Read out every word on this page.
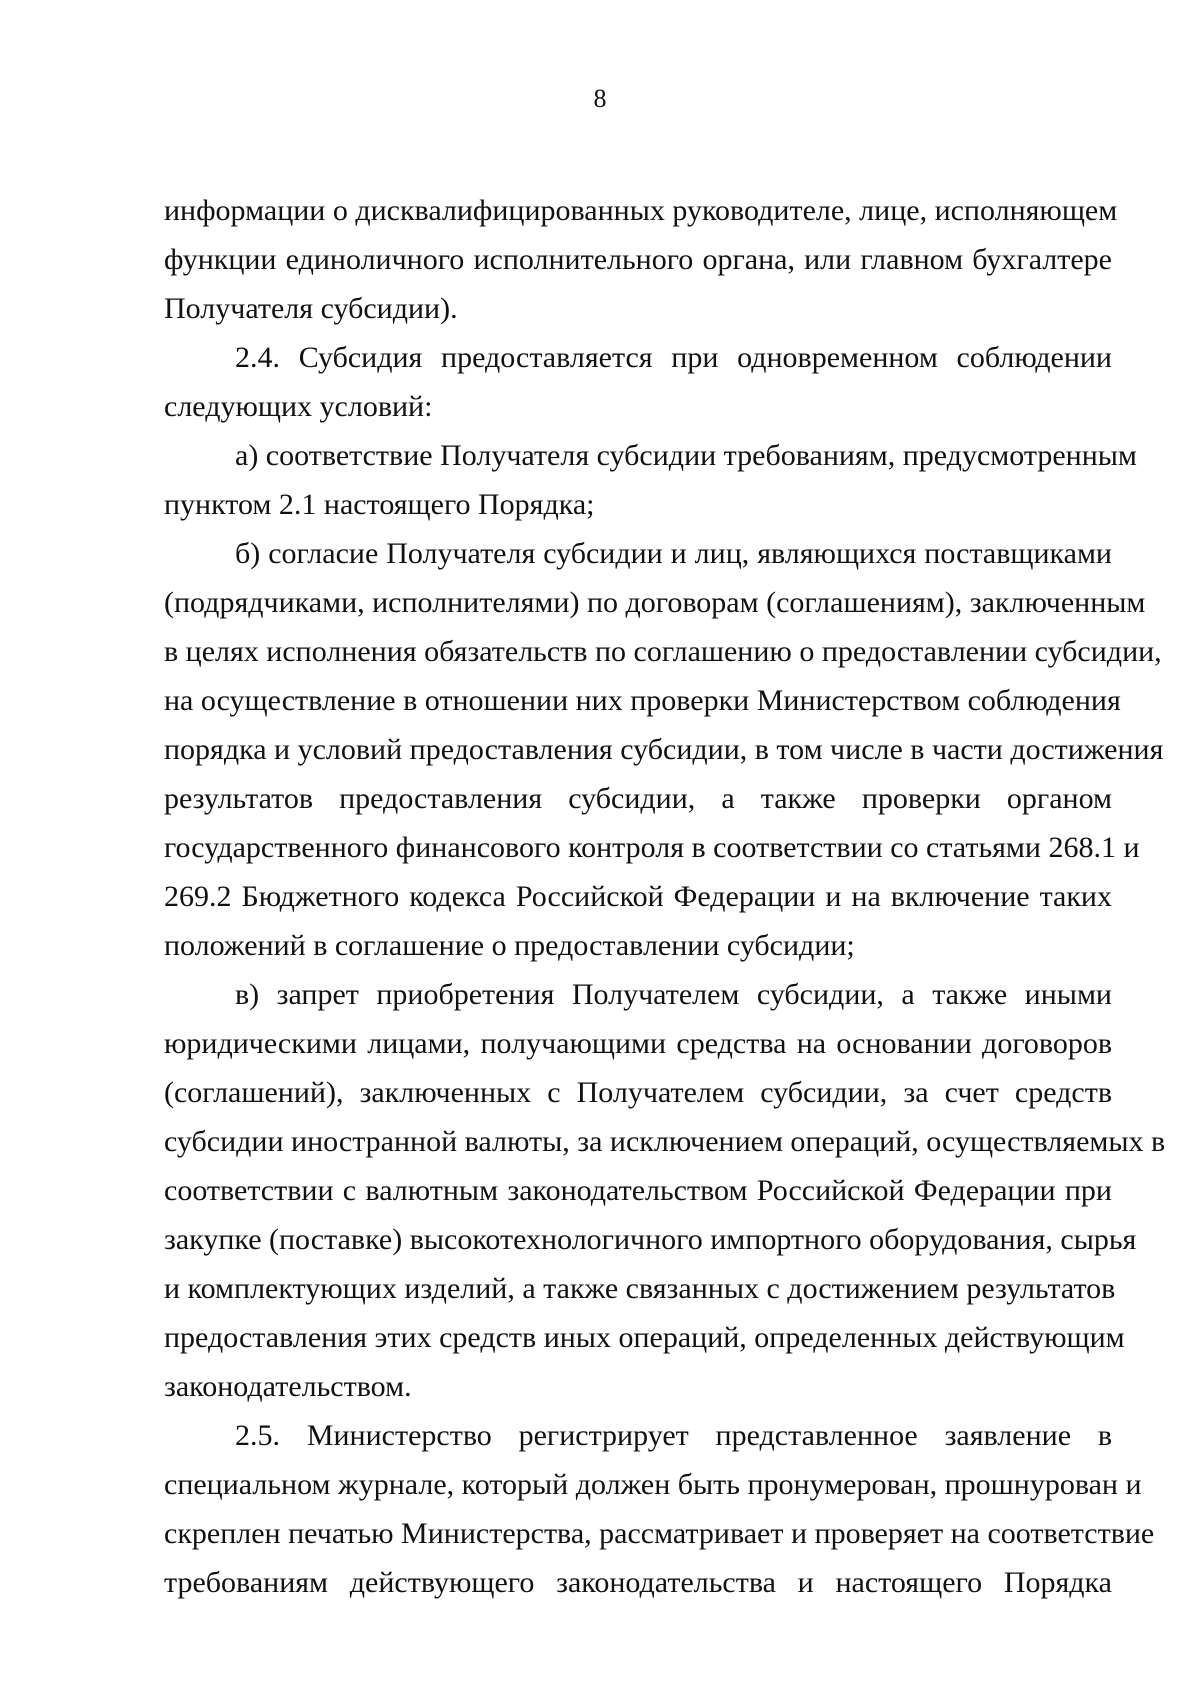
8
информации о дисквалифицированных руководителе, лице, исполняющем
функции единоличного исполнительного органа, или главном бухгалтере
Получателя субсидии).
2.4. Субсидия предоставляется при одновременном соблюдении
следующих условий:
а) соответствие Получателя субсидии требованиям, предусмотренным
пунктом 2.1 настоящего Порядка;
б) согласие Получателя субсидии и лиц, являющихся поставщиками
(подрядчиками, исполнителями) по договорам (соглашениям), заключенным
в целях исполнения обязательств по соглашению о предоставлении субсидии,
на осуществление в отношении них проверки Министерством соблюдения
порядка и условий предоставления субсидии, в том числе в части достижения
результатов предоставления субсидии, а также проверки органом
государственного финансового контроля в соответствии со статьями 268.1 и
269.2 Бюджетного кодекса Российской Федерации и на включение таких
положений в соглашение о предоставлении субсидии;
в) запрет приобретения Получателем субсидии, а также иными
юридическими лицами, получающими средства на основании договоров
(соглашений), заключенных с Получателем субсидии, за счет средств
субсидии иностранной валюты, за исключением операций, осуществляемых в
соответствии с валютным законодательством Российской Федерации при
закупке (поставке) высокотехнологичного импортного оборудования, сырья
и комплектующих изделий, а также связанных с достижением результатов
предоставления этих средств иных операций, определенных действующим
законодательством.
2.5. Министерство регистрирует представленное заявление в
специальном журнале, который должен быть пронумерован, прошнурован и
скреплен печатью Министерства, рассматривает и проверяет на соответствие
требованиям действующего законодательства и настоящего Порядка
